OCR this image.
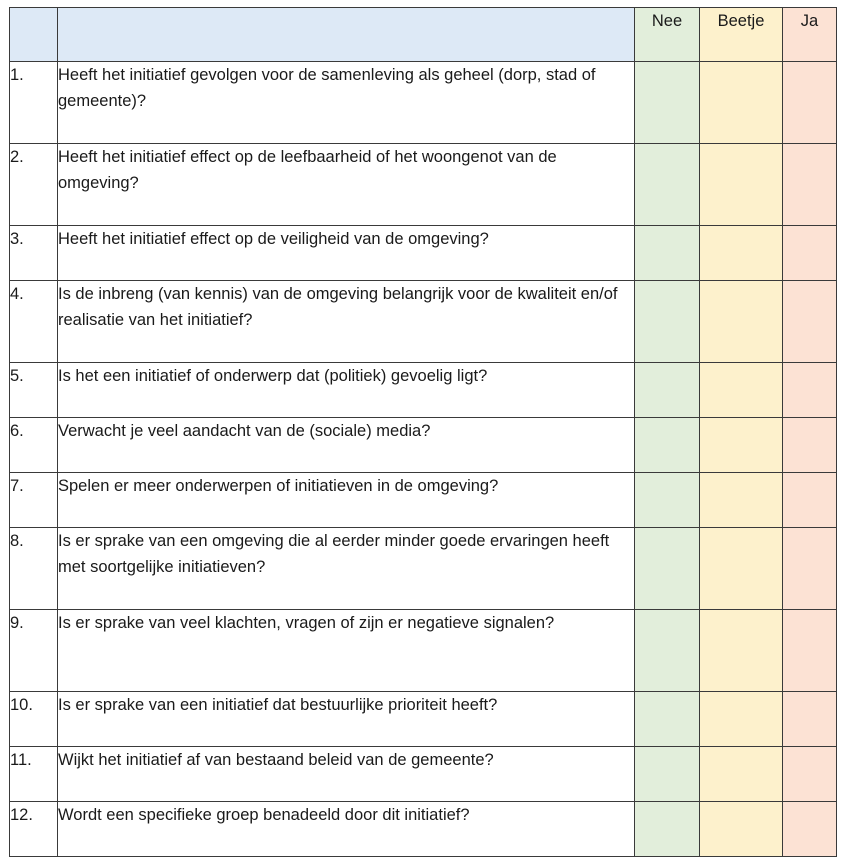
		Nee	Beetje	Ja
1.	Heeft het initiatief gevolgen voor de samenleving als geheel (dorp, stad of gemeente)?			
2.	Heeft het initiatief effect op de leefbaarheid of het woongenot van de omgeving?			
3.	Heeft het initiatief effect op de veiligheid van de omgeving?			
4.	Is de inbreng (van kennis) van de omgeving belangrijk voor de kwaliteit en/of realisatie van het initiatief?			
5.	Is het een initiatief of onderwerp dat (politiek) gevoelig ligt?			
6.	Verwacht je veel aandacht van de (sociale) media?			
7.	Spelen er meer onderwerpen of initiatieven in de omgeving?			
8.	Is er sprake van een omgeving die al eerder minder goede ervaringen heeft met soortgelijke initiatieven?			
9.	Is er sprake van veel klachten, vragen of zijn er negatieve signalen?			
10.	Is er sprake van een initiatief dat bestuurlijke prioriteit heeft?			
11.	Wijkt het initiatief af van bestaand beleid van de gemeente?			
12.	Wordt een specifieke groep benadeeld door dit initiatief?			
